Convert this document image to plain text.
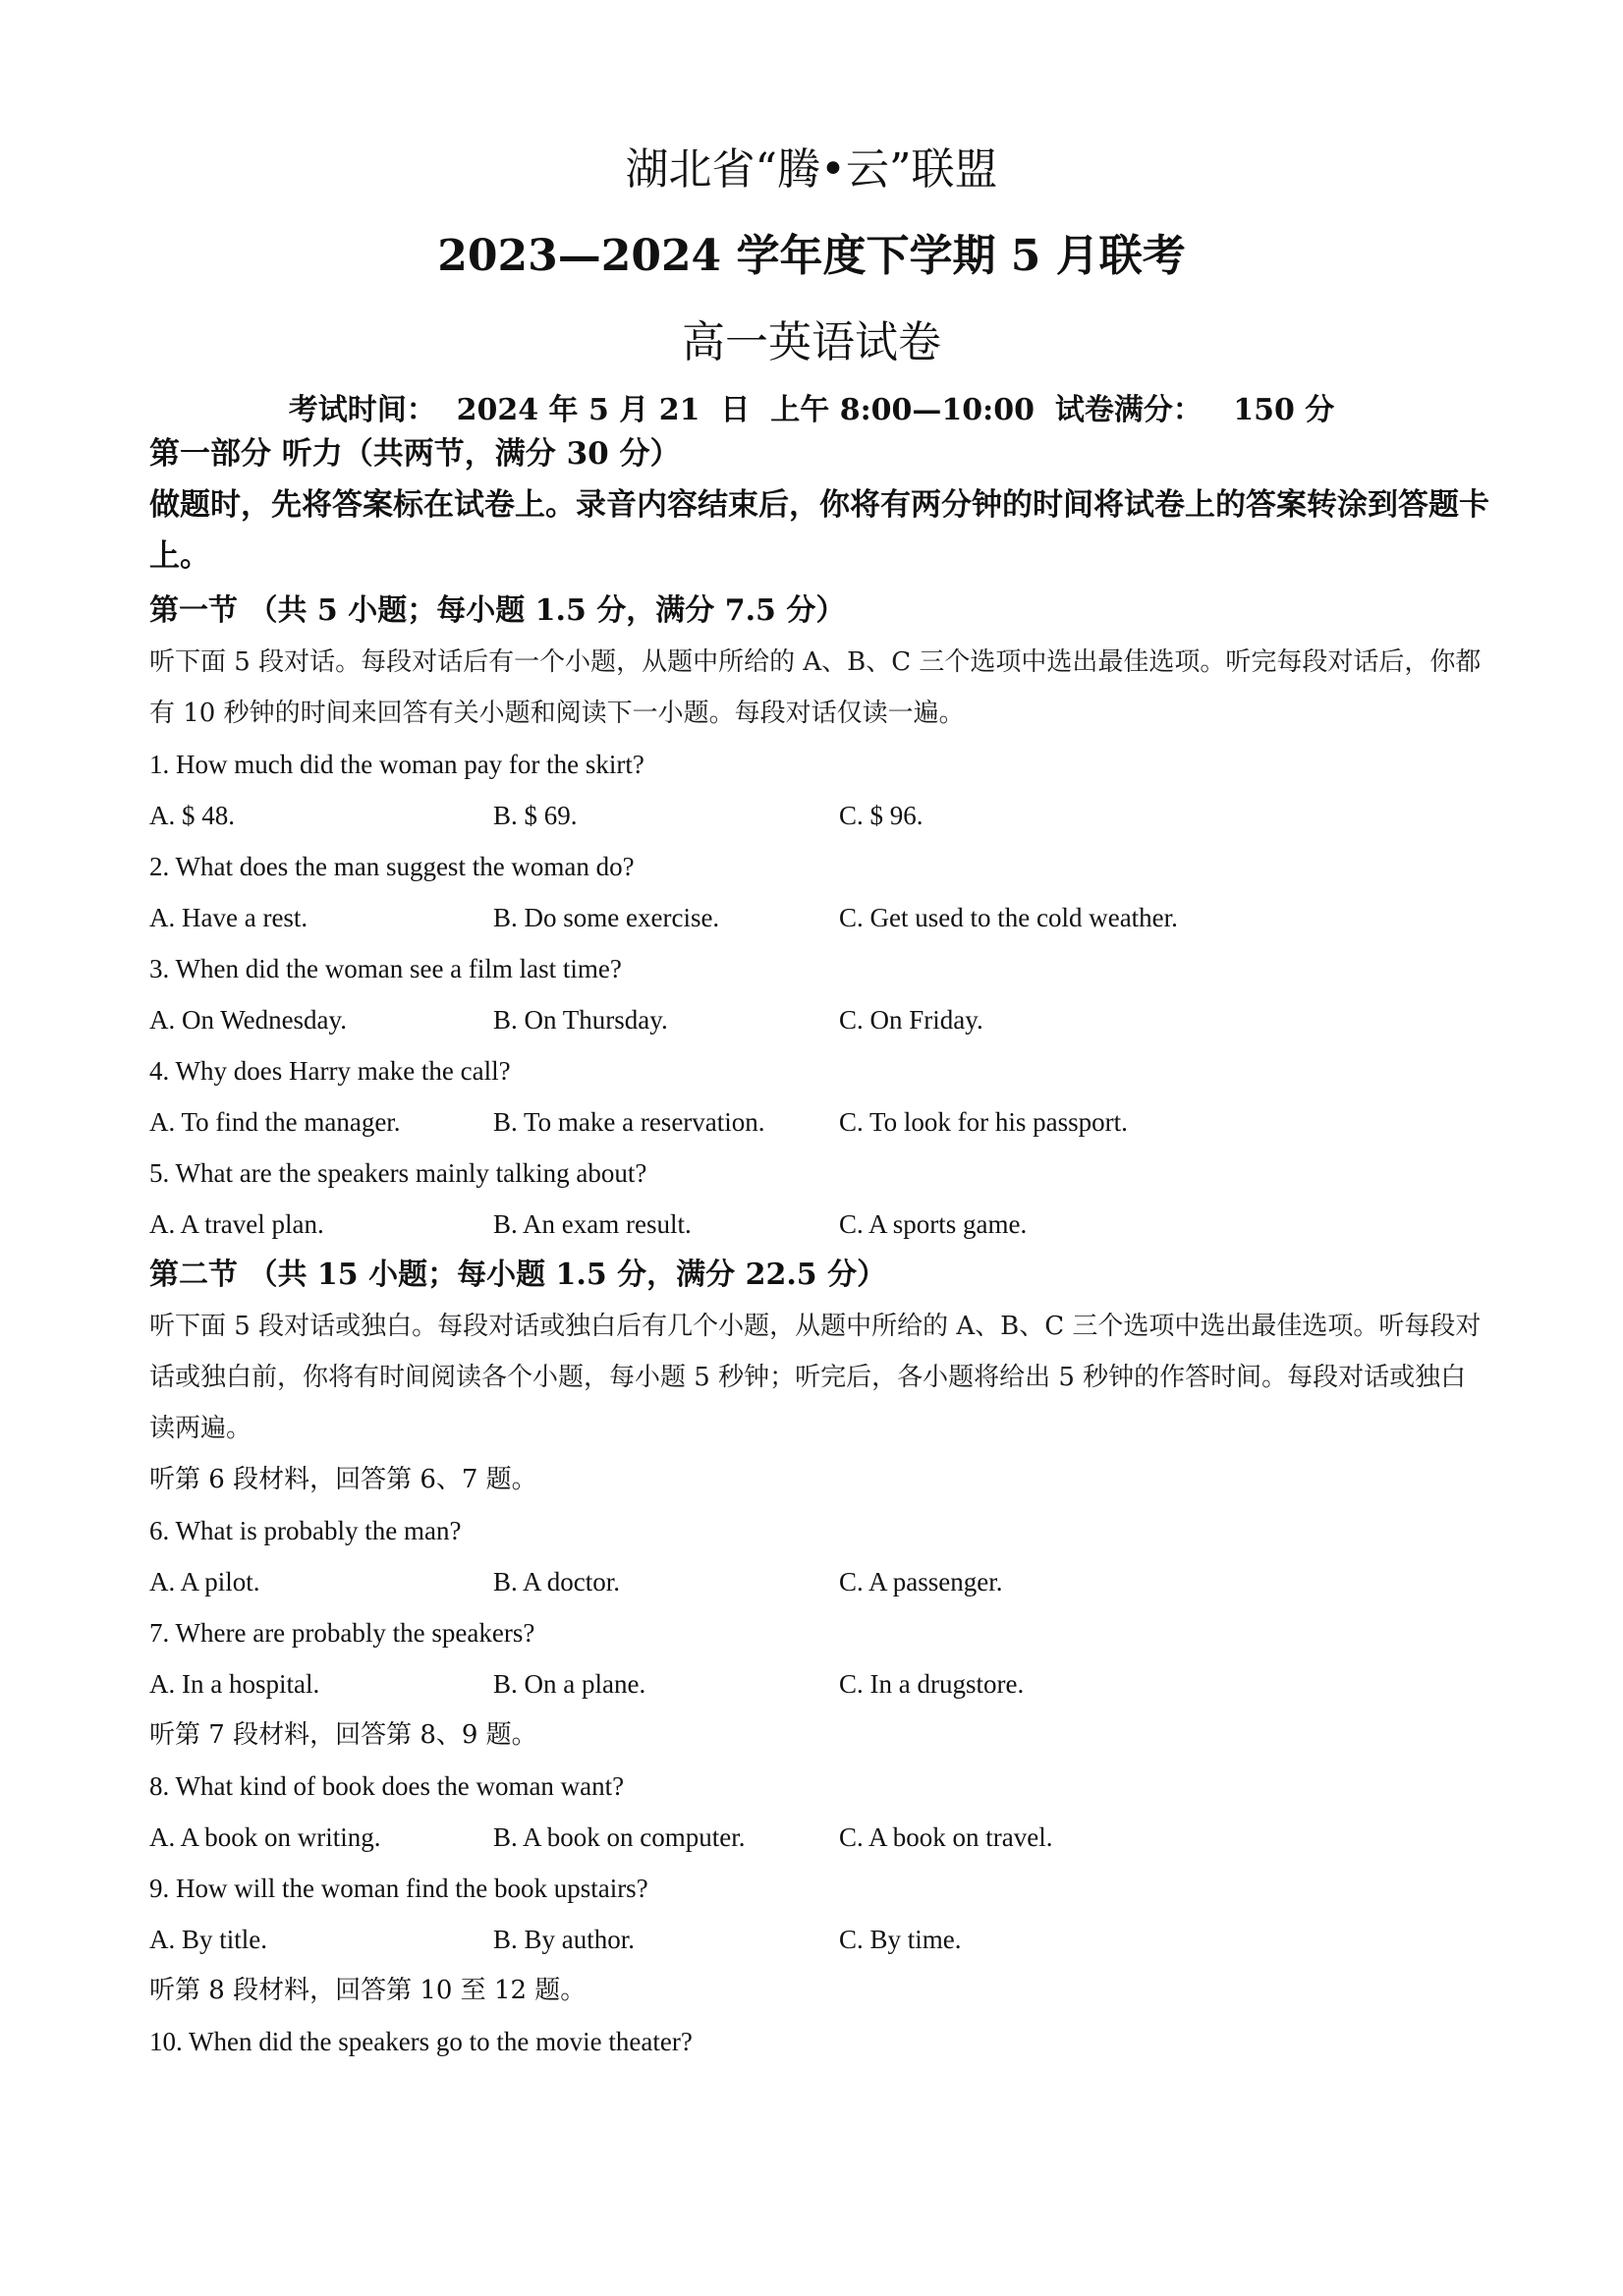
湖北省“腾•云”联盟
2023—2024 学年度下学期 5 月联考
高一英语试卷
考试时间：  2024 年 5 月 21  日  上午 8:00—10:00  试卷满分：   150 分
第一部分 听力（共两节，满分 30 分）
做题时，先将答案标在试卷上。录音内容结束后，你将有两分钟的时间将试卷上的答案转涂到答题卡上。
第一节 （共 5 小题；每小题 1.5 分，满分 7.5 分）
听下面 5 段对话。每段对话后有一个小题，从题中所给的 A、B、C 三个选项中选出最佳选项。听完每段对话后，你都有 10 秒钟的时间来回答有关小题和阅读下一小题。每段对话仅读一遍。
1. How much did the woman pay for the skirt?
A. $ 48.	B. $ 69.	C. $ 96.
2. What does the man suggest the woman do?
A. Have a rest.	B. Do some exercise.	C. Get used to the cold weather.
3. When did the woman see a film last time?
A. On Wednesday.	B. On Thursday.	C. On Friday.
4. Why does Harry make the call?
A. To find the manager.	B. To make a reservation.	C. To look for his passport.
5. What are the speakers mainly talking about?
A. A travel plan.	B. An exam result.	C. A sports game.
第二节 （共 15 小题；每小题 1.5 分，满分 22.5 分）
听下面 5 段对话或独白。每段对话或独白后有几个小题，从题中所给的 A、B、C 三个选项中选出最佳选项。听每段对话或独白前，你将有时间阅读各个小题，每小题 5 秒钟；听完后，各小题将给出 5 秒钟的作答时间。每段对话或独白读两遍。
听第 6 段材料，回答第 6、7 题。
6. What is probably the man?
A. A pilot.	B. A doctor.	C. A passenger.
7. Where are probably the speakers?
A. In a hospital.	B. On a plane.	C. In a drugstore.
听第 7 段材料，回答第 8、9 题。
8. What kind of book does the woman want?
A. A book on writing.	B. A book on computer.	C. A book on travel.
9. How will the woman find the book upstairs?
A. By title.	B. By author.	C. By time.
听第 8 段材料，回答第 10 至 12 题。
10. When did the speakers go to the movie theater?
